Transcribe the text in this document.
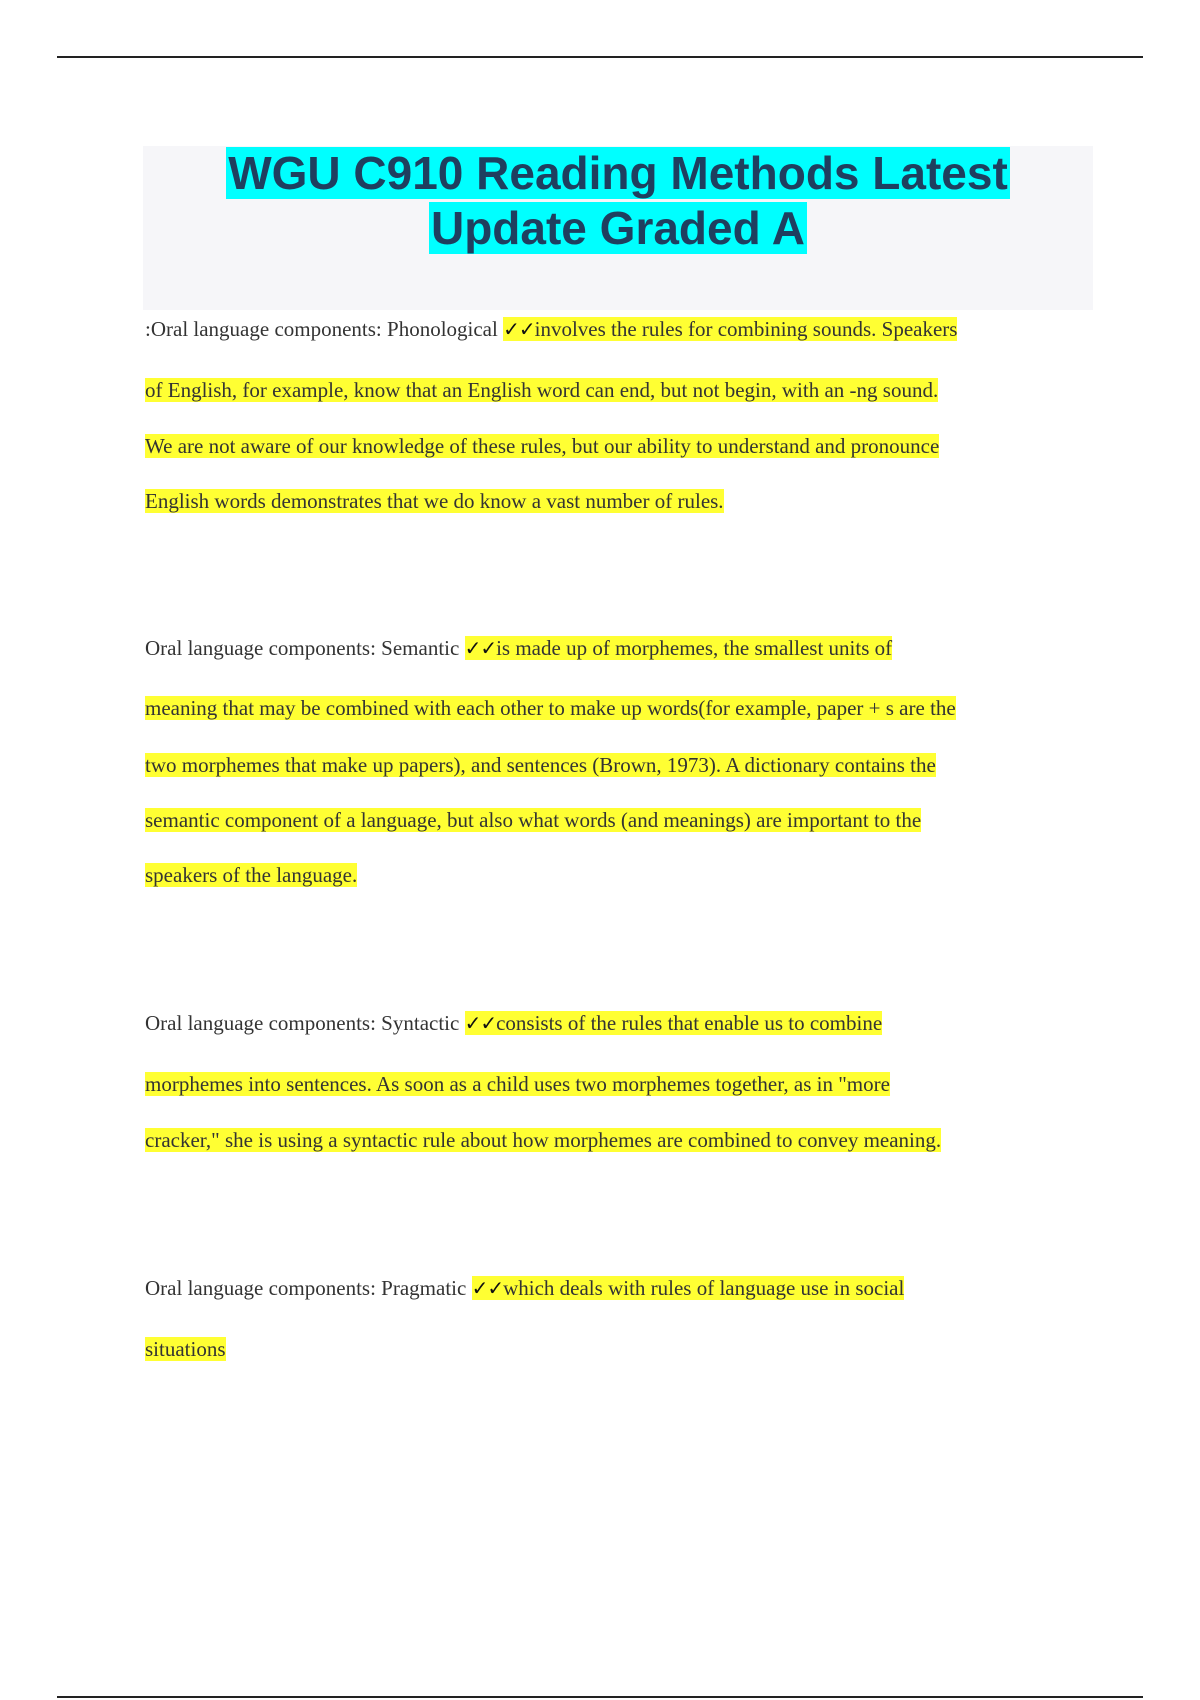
WGU C910 Reading Methods Latest
Update Graded A
:Oral language components: Phonological ✓✓involves the rules for combining sounds. Speakers
of English, for example, know that an English word can end, but not begin, with an -ng sound.
We are not aware of our knowledge of these rules, but our ability to understand and pronounce
English words demonstrates that we do know a vast number of rules.
Oral language components: Semantic ✓✓is made up of morphemes, the smallest units of
meaning that may be combined with each other to make up words(for example, paper + s are the
two morphemes that make up papers), and sentences (Brown, 1973). A dictionary contains the
semantic component of a language, but also what words (and meanings) are important to the
speakers of the language.
Oral language components: Syntactic ✓✓consists of the rules that enable us to combine
morphemes into sentences. As soon as a child uses two morphemes together, as in "more
cracker," she is using a syntactic rule about how morphemes are combined to convey meaning.
Oral language components: Pragmatic ✓✓which deals with rules of language use in social
situations
